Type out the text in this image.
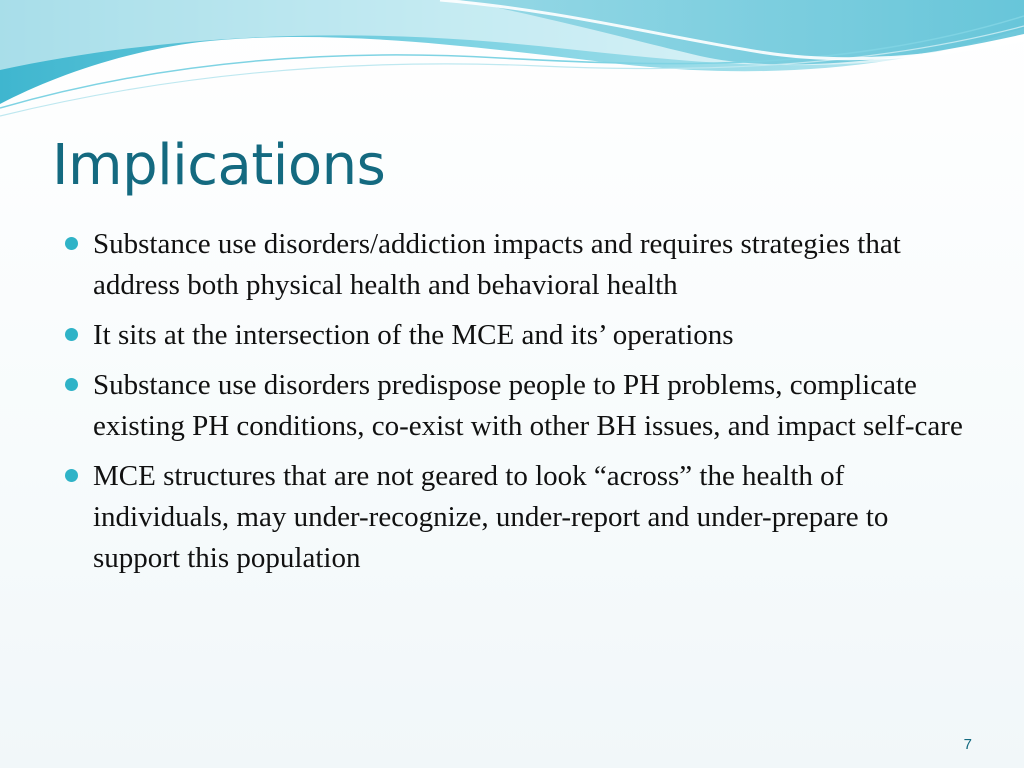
Implications
Substance use disorders/addiction impacts and requires strategies that address both physical health and behavioral health
It sits at the intersection of the MCE and its’ operations
Substance use disorders predispose people to PH problems, complicate existing PH conditions, co-exist with other BH issues, and impact self-care
MCE structures that are not geared to look “across” the health of individuals, may under-recognize, under-report and under-prepare to support this population
7
